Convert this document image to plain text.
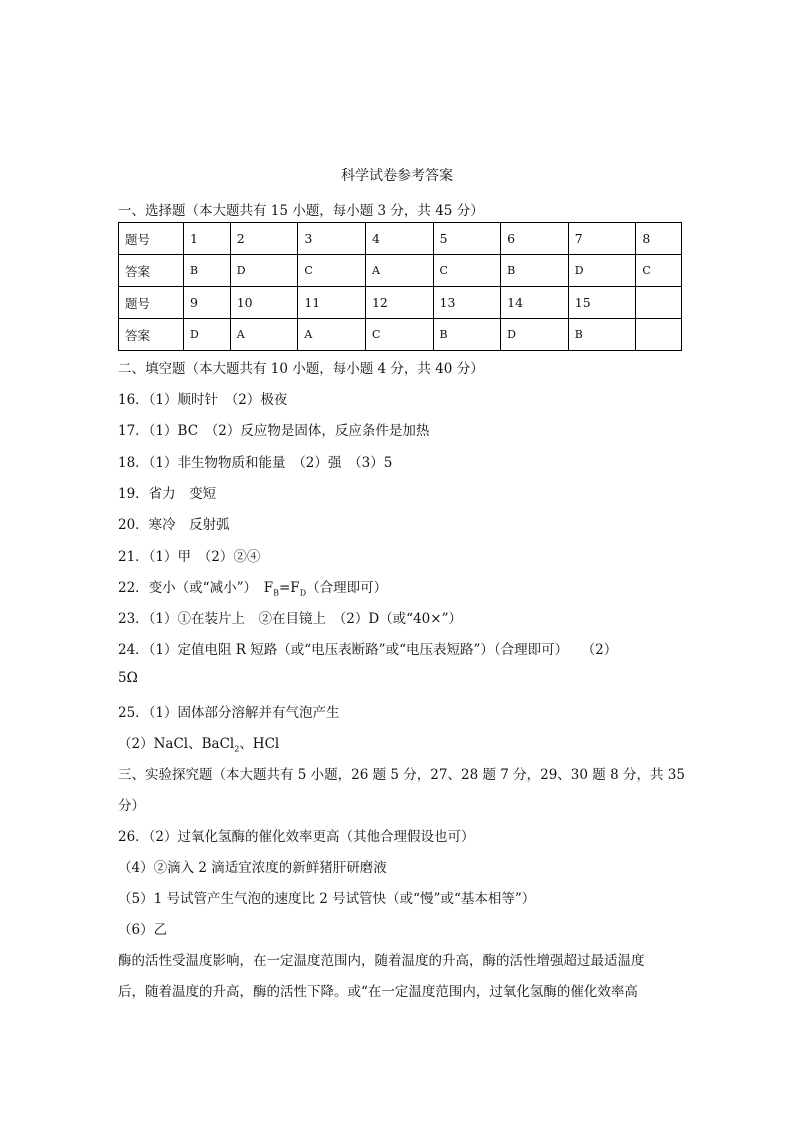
科学试卷参考答案
一、选择题（本大题共有 15 小题，每小题 3 分，共 45 分）
题号	1	2	3	4	5	6	7	8
答案	B	D	C	A	C	B	D	C
题号	9	10	11	12	13	14	15	
答案	D	A	A	C	B	D	B	
二、填空题（本大题共有 10 小题，每小题 4 分，共 40 分）
16．（1）顺时针　（2）极夜
17．（1）BC　（2）反应物是固体，反应条件是加热
18．（1）非生物物质和能量　（2）强　（3）5
19．省力　变短
20．寒冷　反射弧
21．（1）甲　（2）②④
22．变小（或“减小”）　$F_B=F_D$（合理即可）
23．（1）①在装片上　②在目镜上　（2）D（或“40×”）
24．（1）定值电阻 R 短路（或“电压表断路”或“电压表短路”）（合理即可）　　（2）
5Ω
25．（1）固体部分溶解并有气泡产生
（2）NaCl、BaCl$_2$、HCl
三、实验探究题（本大题共有 5 小题，26 题 5 分，27、28 题 7 分，29、30 题 8 分，共 35
分）
26．（2）过氧化氢酶的催化效率更高（其他合理假设也可）
（4）②滴入 2 滴适宜浓度的新鲜猪肝研磨液
（5）1 号试管产生气泡的速度比 2 号试管快（或“慢”或“基本相等”）
（6）乙
酶的活性受温度影响，在一定温度范围内，随着温度的升高，酶的活性增强超过最适温度
后，随着温度的升高，酶的活性下降。或“在一定温度范围内，过氧化氢酶的催化效率高
